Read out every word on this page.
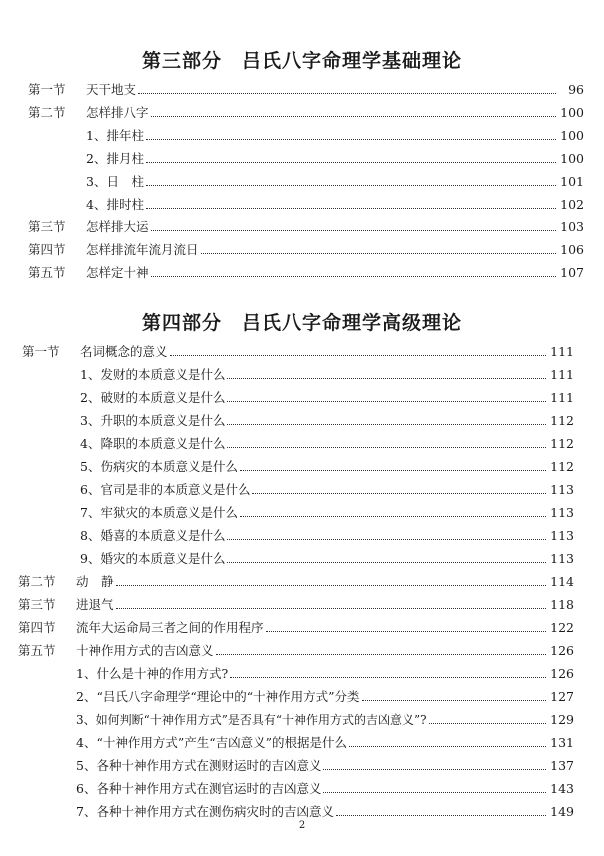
第三部分　吕氏八字命理学基础理论
第一节	天干地支	96
第二节	怎样排八字	100
1、排年柱	100
2、排月柱	100
3、日　柱	101
4、排时柱	102
第三节	怎样排大运	103
第四节	怎样排流年流月流日	106
第五节	怎样定十神	107
第四部分　吕氏八字命理学高级理论
第一节	名词概念的意义	111
1、发财的本质意义是什么	111
2、破财的本质意义是什么	111
3、升职的本质意义是什么	112
4、降职的本质意义是什么	112
5、伤病灾的本质意义是什么	112
6、官司是非的本质意义是什么	113
7、牢狱灾的本质意义是什么	113
8、婚喜的本质意义是什么	113
9、婚灾的本质意义是什么	113
第二节	动　静	114
第三节	进退气	118
第四节	流年大运命局三者之间的作用程序	122
第五节	十神作用方式的吉凶意义	126
1、什么是十神的作用方式?	126
2、“吕氏八字命理学“理论中的“十神作用方式”分类	127
3、如何判断“十神作用方式”是否具有“十神作用方式的吉凶意义”?	129
4、“十神作用方式”产生“吉凶意义”的根据是什么	131
5、各种十神作用方式在测财运时的吉凶意义	137
6、各种十神作用方式在测官运时的吉凶意义	143
7、各种十神作用方式在测伤病灾时的吉凶意义	149
2
